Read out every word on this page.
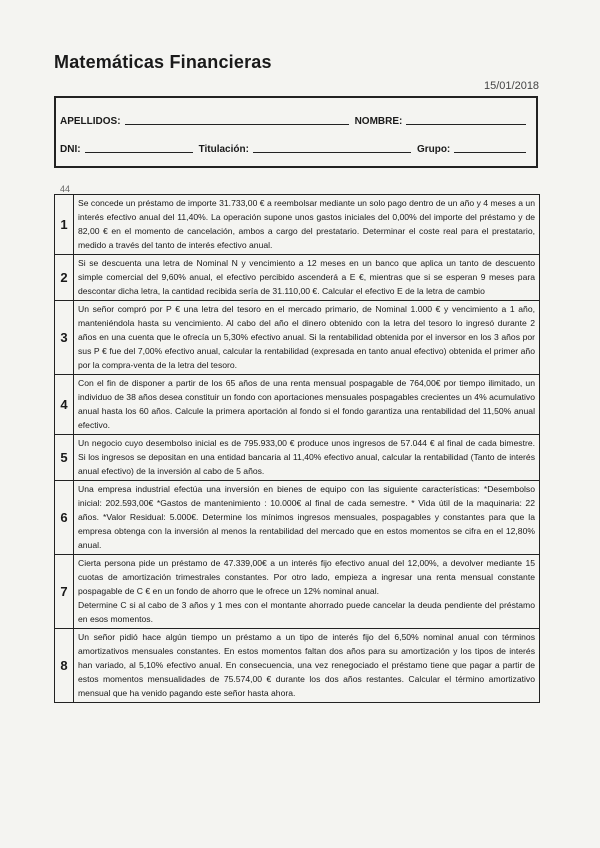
Matemáticas Financieras
15/01/2018
APELLIDOS:	NOMBRE:
DNI:	Titulación:	Grupo:
44
1	Se concede un préstamo de importe 31.733,00 € a reembolsar mediante un solo pago dentro de un año y 4 meses a un interés efectivo anual del 11,40%. La operación supone unos gastos iniciales del 0,00% del importe del préstamo y de 82,00 € en el momento de cancelación, ambos a cargo del prestatario. Determinar el coste real para el prestatario, medido a través del tanto de interés efectivo anual.
2	Si se descuenta una letra de Nominal N y vencimiento a 12 meses en un banco que aplica un tanto de descuento simple comercial del 9,60% anual, el efectivo percibido ascenderá a E €, mientras que si se esperan 9 meses para descontar dicha letra, la cantidad recibida sería de 31.110,00 €. Calcular el efectivo E de la letra de cambio
3	Un señor compró por P € una letra del tesoro en el mercado primario, de Nominal 1.000 € y vencimiento a 1 año, manteniéndola hasta su vencimiento. Al cabo del año el dinero obtenido con la letra del tesoro lo ingresó durante 2 años en una cuenta que le ofrecía un 5,30% efectivo anual. Si la rentabilidad obtenida por el inversor en los 3 años por sus P € fue del 7,00% efectivo anual, calcular la rentabilidad (expresada en tanto anual efectivo) obtenida el primer año por la compra-venta de la letra del tesoro.
4	Con el fin de disponer a partir de los 65 años de una renta mensual pospagable de 764,00€ por tiempo ilimitado, un individuo de 38 años desea constituir un fondo con aportaciones mensuales pospagables crecientes un 4% acumulativo anual hasta los 60 años. Calcule la primera aportación al fondo si el fondo garantiza una rentabilidad del 11,50% anual efectivo.
5	Un negocio cuyo desembolso inicial es de 795.933,00 € produce unos ingresos de 57.044 € al final de cada bimestre. Si los ingresos se depositan en una entidad bancaria al 11,40% efectivo anual, calcular la rentabilidad (Tanto de interés anual efectivo) de la inversión al cabo de 5 años.
6	Una empresa industrial efectúa una inversión en bienes de equipo con las siguiente características: *Desembolso inicial: 202.593,00€ *Gastos de mantenimiento : 10.000€ al final de cada semestre. * Vida útil de la maquinaria: 22 años. *Valor Residual: 5.000€. Determine los mínimos ingresos mensuales, pospagables y constantes para que la empresa obtenga con la inversión al menos la rentabilidad del mercado que en estos momentos se cifra en el 12,80% anual.
7	Cierta persona pide un préstamo de 47.339,00€ a un interés fijo efectivo anual del 12,00%, a devolver mediante 15 cuotas de amortización trimestrales constantes. Por otro lado, empieza a ingresar una renta mensual constante pospagable de C € en un fondo de ahorro que le ofrece un 12% nominal anual.
Determine C si al cabo de 3 años y 1 mes con el montante ahorrado puede cancelar la deuda pendiente del préstamo en esos momentos.

8	Un señor pidió hace algún tiempo un préstamo a un tipo de interés fijo del 6,50% nominal anual con términos amortizativos mensuales constantes. En estos momentos faltan dos años para su amortización y los tipos de interés han variado, al 5,10% efectivo anual. En consecuencia, una vez renegociado el préstamo tiene que pagar a partir de estos momentos mensualidades de 75.574,00 € durante los dos años restantes. Calcular el término amortizativo mensual que ha venido pagando este señor hasta ahora.
